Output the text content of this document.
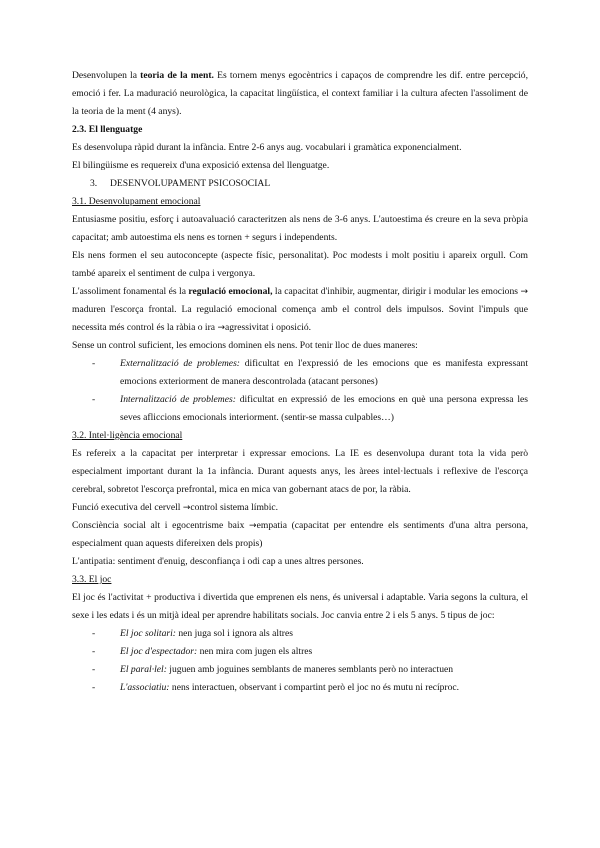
Desenvolupen la teoria de la ment. Es tornem menys egocèntrics i capaços de comprendre les dif. entre percepció, emoció i fer. La maduració neurològica, la capacitat lingüística, el context familiar i la cultura afecten l'assoliment de la teoria de la ment (4 anys).

2.3. El llenguatge

Es desenvolupa ràpid durant la infància. Entre 2-6 anys aug. vocabulari i gramàtica exponencialment.

El bilingüisme es requereix d'una exposició extensa del llenguatge.

3. DESENVOLUPAMENT PSICOSOCIAL

3.1. Desenvolupament emocional

Entusiasme positiu, esforç i autoavaluació caracteritzen als nens de 3-6 anys. L'autoestima és creure en la seva pròpia capacitat; amb autoestima els nens es tornen + segurs i independents.

Els nens formen el seu autoconcepte (aspecte físic, personalitat). Poc modests i molt positiu i apareix orgull. Com també apareix el sentiment de culpa i vergonya.

L'assoliment fonamental és la regulació emocional, la capacitat d'inhibir, augmentar, dirigir i modular les emocions → maduren l'escorça frontal. La regulació emocional comença amb el control dels impulsos. Sovint l'impuls que necessita més control és la ràbia o ira →agressivitat i oposició.

Sense un control suficient, les emocions dominen els nens. Pot tenir lloc de dues maneres:

-	Externalització de problemes: dificultat en l'expressió de les emocions que es manifesta expressant emocions exteriorment de manera descontrolada (atacant persones)
-	Internalització de problemes: dificultat en expressió de les emocions en què una persona expressa les seves afliccions emocionals interiorment. (sentir-se massa culpables…)

3.2. Intel·ligència emocional

Es refereix a la capacitat per interpretar i expressar emocions. La IE es desenvolupa durant tota la vida però especialment important durant la 1a infància. Durant aquests anys, les àrees intel·lectuals i reflexive de l'escorça cerebral, sobretot l'escorça prefrontal, mica en mica van gobernant atacs de por, la ràbia.

Funció executiva del cervell →control sistema límbic.

Consciència social alt i egocentrisme baix →empatia (capacitat per entendre els sentiments d'una altra persona, especialment quan aquests difereixen dels propis)

L'antipatia: sentiment d'enuig, desconfiança i odi cap a unes altres persones.

3.3. El joc

El joc és l'activitat + productiva i divertida que emprenen els nens, és universal i adaptable. Varia segons la cultura, el sexe i les edats i és un mitjà ideal per aprendre habilitats socials. Joc canvia entre 2 i els 5 anys. 5 tipus de joc:

-	El joc solitari: nen juga sol i ignora als altres
-	El joc d'espectador: nen mira com jugen els altres
-	El paral·lel: juguen amb joguines semblants de maneres semblants però no interactuen
-	L'associatiu: nens interactuen, observant i compartint però el joc no és mutu ni recíproc.
